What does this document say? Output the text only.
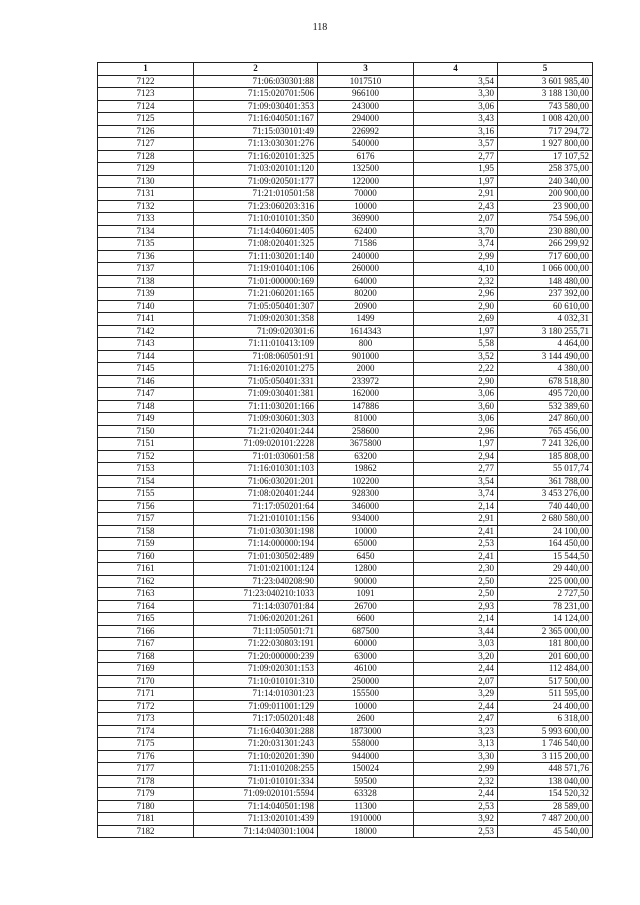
118
1	2	3	4	5
7122	71:06:030301:88	1017510	3,54	3 601 985,40
7123	71:15:020701:506	966100	3,30	3 188 130,00
7124	71:09:030401:353	243000	3,06	743 580,00
7125	71:16:040501:167	294000	3,43	1 008 420,00
7126	71:15:030101:49	226992	3,16	717 294,72
7127	71:13:030301:276	540000	3,57	1 927 800,00
7128	71:16:020101:325	6176	2,77	17 107,52
7129	71:03:020101:120	132500	1,95	258 375,00
7130	71:09:020501:177	122000	1,97	240 340,00
7131	71:21:010501:58	70000	2,91	200 900,00
7132	71:23:060203:316	10000	2,43	23 900,00
7133	71:10:010101:350	369900	2,07	754 596,00
7134	71:14:040601:405	62400	3,70	230 880,00
7135	71:08:020401:325	71586	3,74	266 299,92
7136	71:11:030201:140	240000	2,99	717 600,00
7137	71:19:010401:106	260000	4,10	1 066 000,00
7138	71:01:000000:169	64000	2,32	148 480,00
7139	71:21:060201:165	80200	2,96	237 392,00
7140	71:05:050401:307	20900	2,90	60 610,00
7141	71:09:020301:358	1499	2,69	4 032,31
7142	71:09:020301:6	1614343	1,97	3 180 255,71
7143	71:11:010413:109	800	5,58	4 464,00
7144	71:08:060501:91	901000	3,52	3 144 490,00
7145	71:16:020101:275	2000	2,22	4 380,00
7146	71:05:050401:331	233972	2,90	678 518,80
7147	71:09:030401:381	162000	3,06	495 720,00
7148	71:11:030201:166	147886	3,60	532 389,60
7149	71:09:030601:303	81000	3,06	247 860,00
7150	71:21:020401:244	258600	2,96	765 456,00
7151	71:09:020101:2228	3675800	1,97	7 241 326,00
7152	71:01:030601:58	63200	2,94	185 808,00
7153	71:16:010301:103	19862	2,77	55 017,74
7154	71:06:030201:201	102200	3,54	361 788,00
7155	71:08:020401:244	928300	3,74	3 453 276,00
7156	71:17:050201:64	346000	2,14	740 440,00
7157	71:21:010101:156	934000	2,91	2 680 580,00
7158	71:01:030301:198	10000	2,41	24 100,00
7159	71:14:000000:194	65000	2,53	164 450,00
7160	71:01:030502:489	6450	2,41	15 544,50
7161	71:01:021001:124	12800	2,30	29 440,00
7162	71:23:040208:90	90000	2,50	225 000,00
7163	71:23:040210:1033	1091	2,50	2 727,50
7164	71:14:030701:84	26700	2,93	78 231,00
7165	71:06:020201:261	6600	2,14	14 124,00
7166	71:11:050501:71	687500	3,44	2 365 000,00
7167	71:22:030803:191	60000	3,03	181 800,00
7168	71:20:000000:239	63000	3,20	201 600,00
7169	71:09:020301:153	46100	2,44	112 484,00
7170	71:10:010101:310	250000	2,07	517 500,00
7171	71:14:010301:23	155500	3,29	511 595,00
7172	71:09:011001:129	10000	2,44	24 400,00
7173	71:17:050201:48	2600	2,47	6 318,00
7174	71:16:040301:288	1873000	3,23	5 993 600,00
7175	71:20:031301:243	558000	3,13	1 746 540,00
7176	71:10:020201:390	944000	3,30	3 115 200,00
7177	71:11:010208:255	150024	2,99	448 571,76
7178	71:01:010101:334	59500	2,32	138 040,00
7179	71:09:020101:5594	63328	2,44	154 520,32
7180	71:14:040501:198	11300	2,53	28 589,00
7181	71:13:020101:439	1910000	3,92	7 487 200,00
7182	71:14:040301:1004	18000	2,53	45 540,00
